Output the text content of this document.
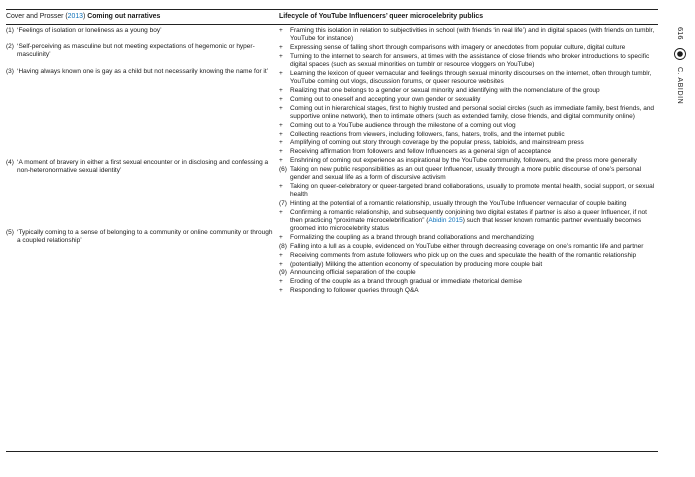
Cover and Prosser (2013) Coming out narratives	Lifecycle of YouTube Influencers’ queer microcelebrity publics
(1) ‘Feelings of isolation or loneliness as a young boy’
(2) ‘Self-perceiving as masculine but not meeting expectations of hegemonic or hyper-masculinity’
(3) ‘Having always known one is gay as a child but not necessarily knowing the name for it’
(4) ‘A moment of bravery in either a first sexual encounter or in disclosing and confessing a non-heteronormative sexual identity’
(5) ‘Typically coming to a sense of belonging to a community or online community or through a coupled relationship’
+ Framing this isolation in relation to subjectivities in school (with friends ‘in real life’) and in digital spaces (with friends on tumblr, YouTube for instance)
+ Expressing sense of falling short through comparisons with imagery or anecdotes from popular culture, digital culture
+ Turning to the internet to search for answers, at times with the assistance of close friends who broker introductions to specific digital spaces (such as sexual minorities on tumblr or resource vloggers on YouTube)
+ Learning the lexicon of queer vernacular and feelings through sexual minority discourses on the internet, often through tumblr, YouTube coming out vlogs, discussion forums, or queer resource websites
+ Realizing that one belongs to a gender or sexual minority and identifying with the nomenclature of the group
+ Coming out to oneself and accepting your own gender or sexuality
+ Coming out in hierarchical stages, first to highly trusted and personal social circles (such as immediate family, best friends, and supportive online network), then to intimate others (such as extended family, close friends, and digital community online)
+ Coming out to a YouTube audience through the milestone of a coming out vlog
+ Collecting reactions from viewers, including followers, fans, haters, trolls, and the internet public
+ Amplifying of coming out story through coverage by the popular press, tabloids, and mainstream press
+ Receiving affirmation from followers and fellow Influencers as a general sign of acceptance
+ Enshrining of coming out experience as inspirational by the YouTube community, followers, and the press more generally
(6) Taking on new public responsibilities as an out queer Influencer, usually through a more public discourse of one’s personal gender and sexual life as a form of discursive activism
+ Taking on queer-celebratory or queer-targeted brand collaborations, usually to promote mental health, social support, or sexual health
(7) Hinting at the potential of a romantic relationship, usually through the YouTube Influencer vernacular of couple baiting
+ Confirming a romantic relationship, and subsequently conjoining two digital estates if partner is also a queer Influencer, if not then practicing “proximate microcelebrification” (Abidin 2015) such that lesser known romantic partner eventually becomes groomed into microcelebrity status
+ Formalizing the coupling as a brand through brand collaborations and merchandizing
(8) Falling into a lull as a couple, evidenced on YouTube either through decreasing coverage on one’s romantic life and partner
+ Receiving comments from astute followers who pick up on the cues and speculate the health of the romantic relationship
+ (potentially) Milking the attention economy of speculation by producing more couple bait
(9) Announcing official separation of the couple
+ Eroding of the couple as a brand through gradual or immediate rhetorical demise
+ Responding to follower queries through Q&A
616
C. ABIDIN
